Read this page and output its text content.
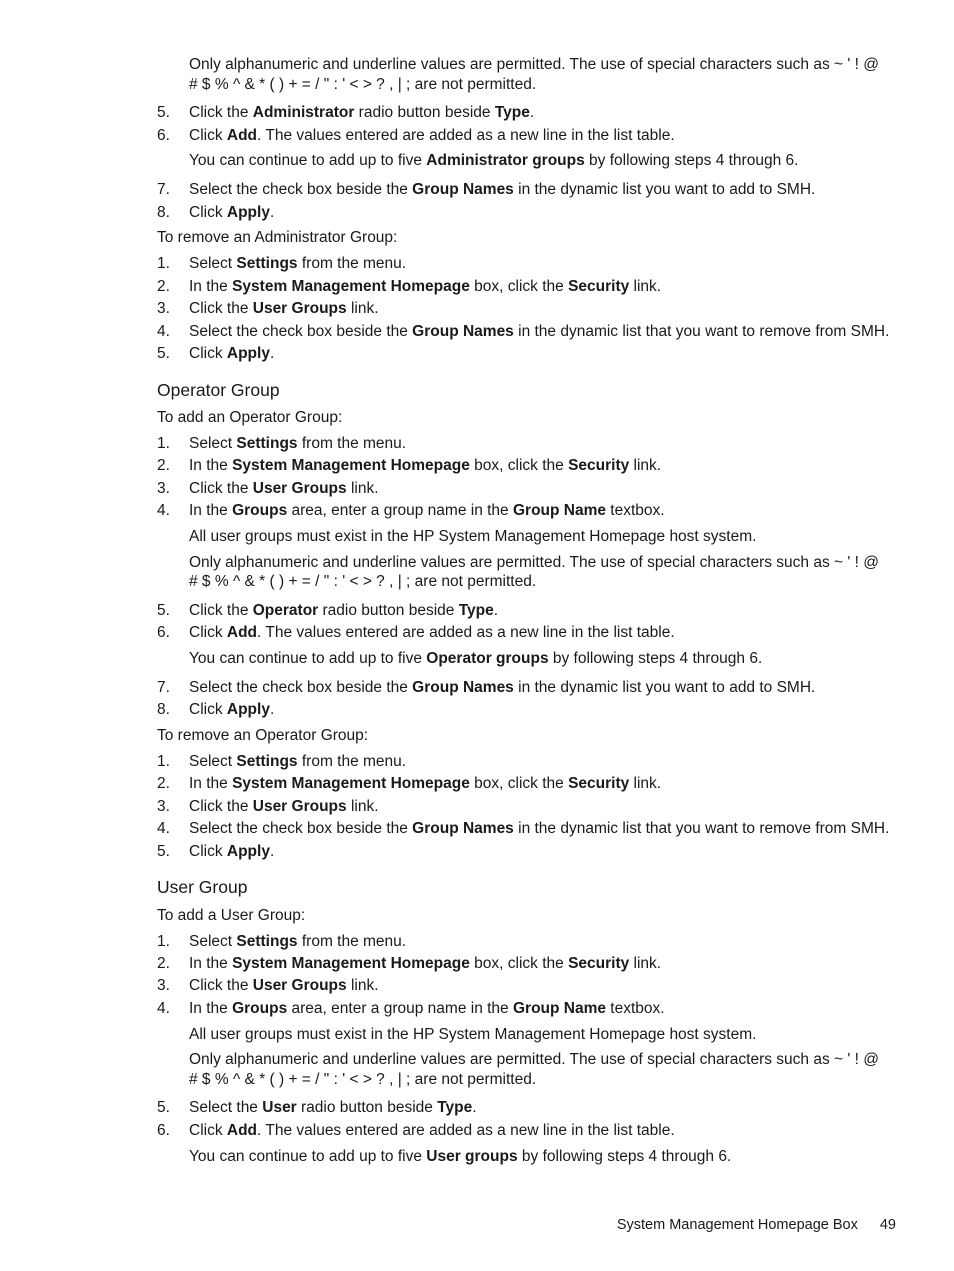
Only alphanumeric and underline values are permitted. The use of special characters such as ~ ' ! @
# $ % ^ & * ( ) + = / " : ' < > ? , | ; are not permitted.
5. Click the Administrator radio button beside Type.
6. Click Add. The values entered are added as a new line in the list table.
You can continue to add up to five Administrator groups by following steps 4 through 6.
7. Select the check box beside the Group Names in the dynamic list you want to add to SMH.
8. Click Apply.
To remove an Administrator Group:
1. Select Settings from the menu.
2. In the System Management Homepage box, click the Security link.
3. Click the User Groups link.
4. Select the check box beside the Group Names in the dynamic list that you want to remove from SMH.
5. Click Apply.
Operator Group
To add an Operator Group:
1. Select Settings from the menu.
2. In the System Management Homepage box, click the Security link.
3. Click the User Groups link.
4. In the Groups area, enter a group name in the Group Name textbox.
All user groups must exist in the HP System Management Homepage host system.
Only alphanumeric and underline values are permitted. The use of special characters such as ~ ' ! @
# $ % ^ & * ( ) + = / " : ' < > ? , | ; are not permitted.
5. Click the Operator radio button beside Type.
6. Click Add. The values entered are added as a new line in the list table.
You can continue to add up to five Operator groups by following steps 4 through 6.
7. Select the check box beside the Group Names in the dynamic list you want to add to SMH.
8. Click Apply.
To remove an Operator Group:
1. Select Settings from the menu.
2. In the System Management Homepage box, click the Security link.
3. Click the User Groups link.
4. Select the check box beside the Group Names in the dynamic list that you want to remove from SMH.
5. Click Apply.
User Group
To add a User Group:
1. Select Settings from the menu.
2. In the System Management Homepage box, click the Security link.
3. Click the User Groups link.
4. In the Groups area, enter a group name in the Group Name textbox.
All user groups must exist in the HP System Management Homepage host system.
Only alphanumeric and underline values are permitted. The use of special characters such as ~ ' ! @
# $ % ^ & * ( ) + = / " : ' < > ? , | ; are not permitted.
5. Select the User radio button beside Type.
6. Click Add. The values entered are added as a new line in the list table.
You can continue to add up to five User groups by following steps 4 through 6.
System Management Homepage Box 49
